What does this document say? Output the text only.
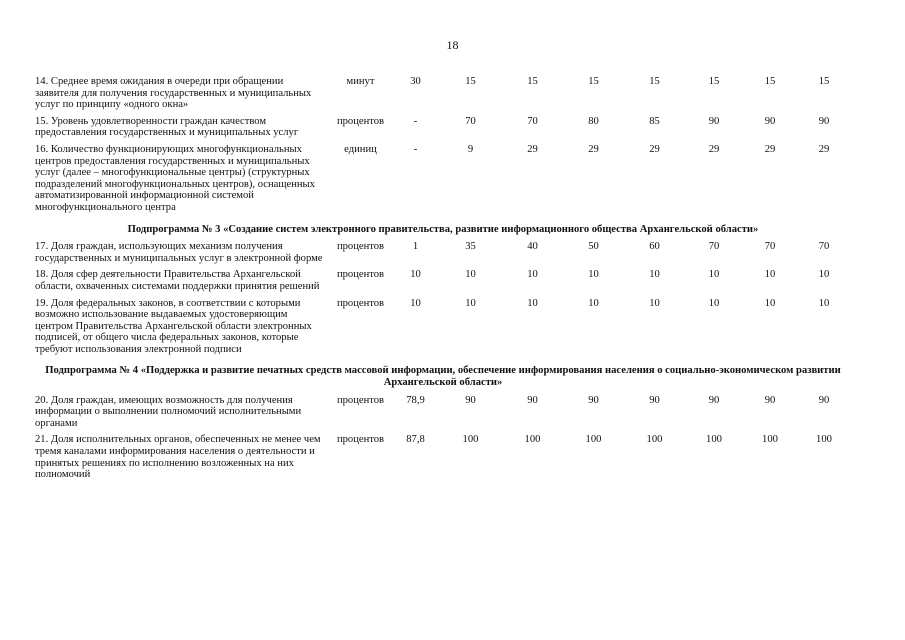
18
14. Среднее время ожидания в очереди при обращении заявителя для получения государственных и муниципальных услуг по принципу «одного окна»	минут	30	15	15	15	15	15	15	15
15. Уровень удовлетворенности граждан качеством предоставления государственных и муниципальных услуг	процентов	-	70	70	80	85	90	90	90
16. Количество функционирующих многофункциональных центров предоставления государственных и муниципальных услуг (далее – многофункциональные центры) (структурных подразделений многофункциональных центров), оснащенных автоматизированной информационной системой многофункционального центра	единиц	-	9	29	29	29	29	29	29
Подпрограмма № 3 «Создание систем электронного правительства, развитие информационного общества Архангельской области»									
17. Доля граждан, использующих механизм получения государственных и муниципальных услуг в электронной форме	процентов	1	35	40	50	60	70	70	70
18. Доля сфер деятельности Правительства Архангельской области, охваченных системами поддержки принятия решений	процентов	10	10	10	10	10	10	10	10
19. Доля федеральных законов, в соответствии с которыми возможно использование выдаваемых удостоверяющим центром Правительства Архангельской области электронных подписей, от общего числа федеральных законов, которые требуют использования электронной подписи	процентов	10	10	10	10	10	10	10	10
Подпрограмма № 4 «Поддержка и развитие печатных средств массовой информации, обеспечение информирования населения о социально-экономическом развитии Архангельской области»									
20. Доля граждан, имеющих возможность для получения информации о выполнении полномочий исполнительными органами	процентов	78,9	90	90	90	90	90	90	90
21. Доля исполнительных органов, обеспеченных не менее чем тремя каналами информирования населения о деятельности и принятых решениях по исполнению возложенных на них полномочий	процентов	87,8	100	100	100	100	100	100	100
